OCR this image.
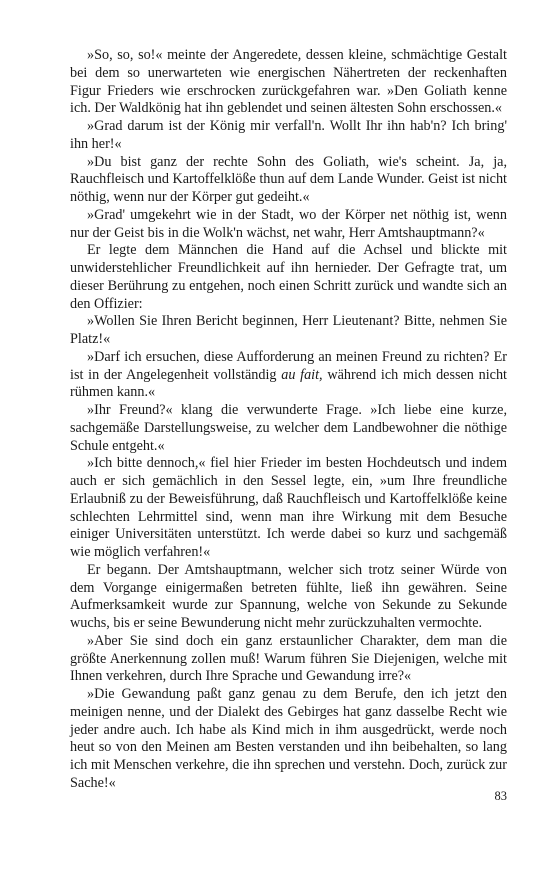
»So, so, so!« meinte der Angeredete, dessen kleine, schmächtige Gestalt bei dem so unerwarteten wie energischen Nähertreten der reckenhaften Figur Frieders wie erschrocken zurückgefahren war. »Den Goliath kenne ich. Der Waldkönig hat ihn geblendet und seinen ältesten Sohn erschossen.«

»Grad darum ist der König mir verfall'n. Wollt Ihr ihn hab'n? Ich bring' ihn her!«

»Du bist ganz der rechte Sohn des Goliath, wie's scheint. Ja, ja, Rauchfleisch und Kartoffelklöße thun auf dem Lande Wunder. Geist ist nicht nöthig, wenn nur der Körper gut gedeiht.«

»Grad' umgekehrt wie in der Stadt, wo der Körper net nöthig ist, wenn nur der Geist bis in die Wolk'n wächst, net wahr, Herr Amtshauptmann?«

Er legte dem Männchen die Hand auf die Achsel und blickte mit unwiderstehlicher Freundlichkeit auf ihn hernieder. Der Gefragte trat, um dieser Berührung zu entgehen, noch einen Schritt zurück und wandte sich an den Offizier:

»Wollen Sie Ihren Bericht beginnen, Herr Lieutenant? Bitte, nehmen Sie Platz!«

»Darf ich ersuchen, diese Aufforderung an meinen Freund zu richten? Er ist in der Angelegenheit vollständig au fait, während ich mich dessen nicht rühmen kann.«

»Ihr Freund?« klang die verwunderte Frage. »Ich liebe eine kurze, sachgemäße Darstellungsweise, zu welcher dem Landbewohner die nöthige Schule entgeht.«

»Ich bitte dennoch,« fiel hier Frieder im besten Hochdeutsch und indem auch er sich gemächlich in den Sessel legte, ein, »um Ihre freundliche Erlaubniß zu der Beweisführung, daß Rauchfleisch und Kartoffelklöße keine schlechten Lehrmittel sind, wenn man ihre Wirkung mit dem Besuche einiger Universitäten unterstützt. Ich werde dabei so kurz und sachgemäß wie möglich verfahren!«

Er begann. Der Amtshauptmann, welcher sich trotz seiner Würde von dem Vorgange einigermaßen betreten fühlte, ließ ihn gewähren. Seine Aufmerksamkeit wurde zur Spannung, welche von Sekunde zu Sekunde wuchs, bis er seine Bewunderung nicht mehr zurückzuhalten vermochte.

»Aber Sie sind doch ein ganz erstaunlicher Charakter, dem man die größte Anerkennung zollen muß! Warum führen Sie Diejenigen, welche mit Ihnen verkehren, durch Ihre Sprache und Gewandung irre?«

»Die Gewandung paßt ganz genau zu dem Berufe, den ich jetzt den meinigen nenne, und der Dialekt des Gebirges hat ganz dasselbe Recht wie jeder andre auch. Ich habe als Kind mich in ihm ausgedrückt, werde noch heut so von den Meinen am Besten verstanden und ihn beibehalten, so lang ich mit Menschen verkehre, die ihn sprechen und verstehn. Doch, zurück zur Sache!«

83
